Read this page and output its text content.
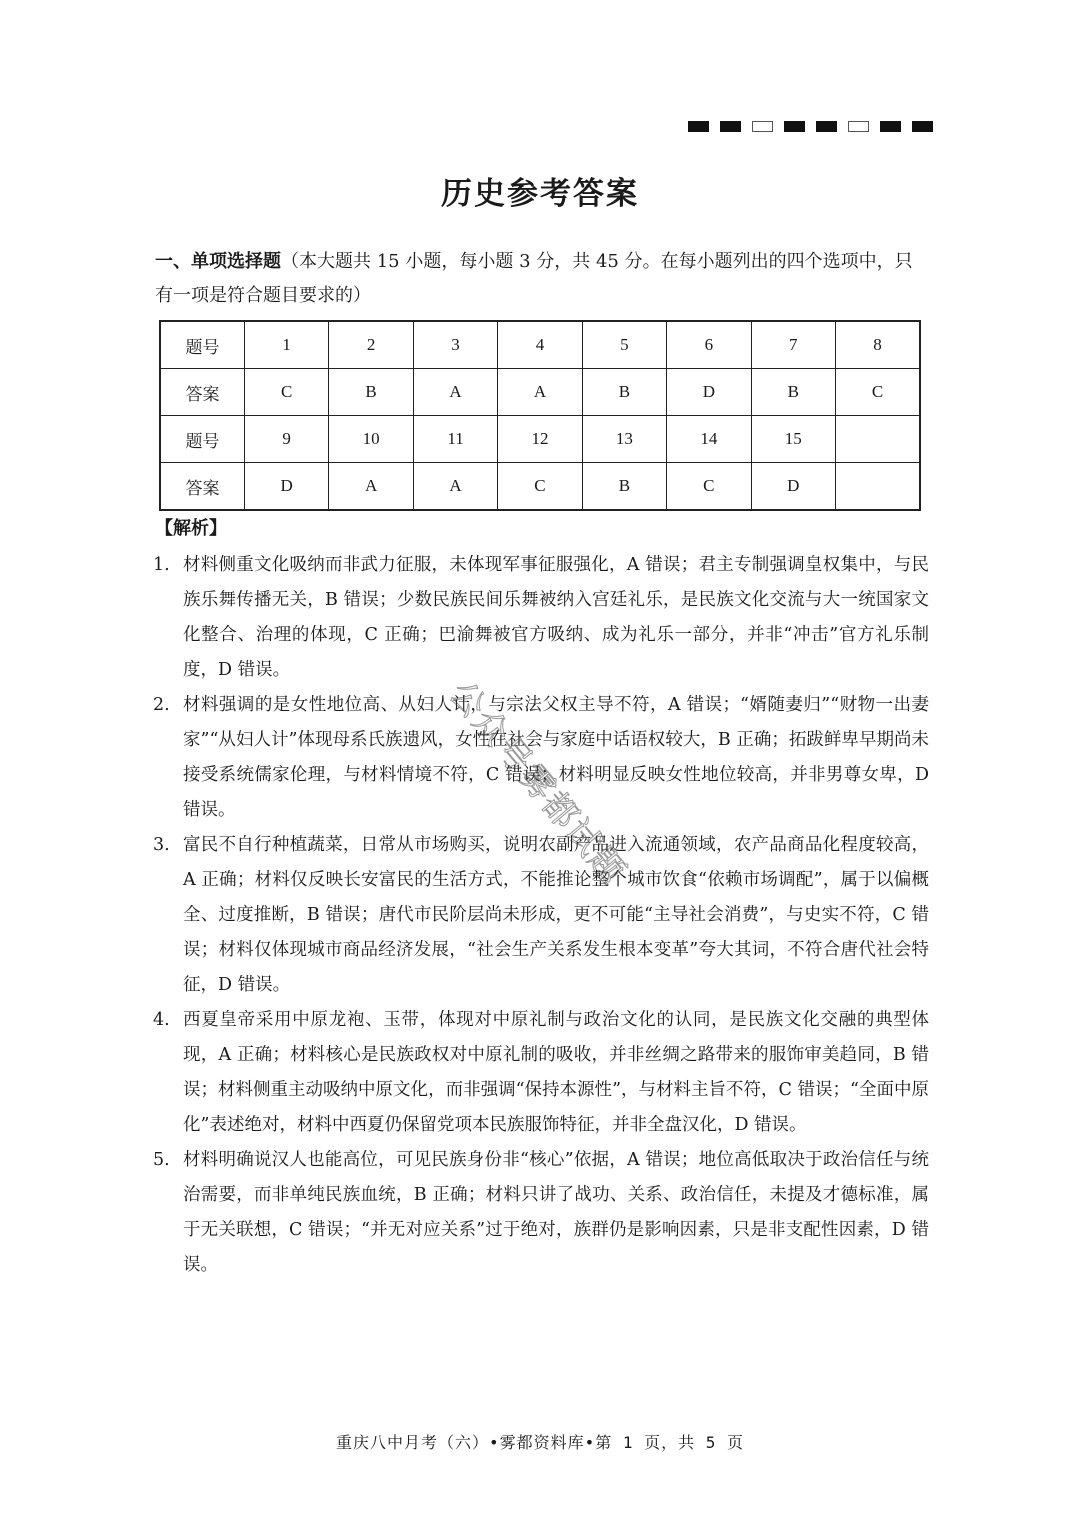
历史参考答案
一、单项选择题（本大题共 15 小题，每小题 3 分，共 45 分。在每小题列出的四个选项中，只有一项是符合题目要求的）
题号	1	2	3	4	5	6	7	8
答案	C	B	A	A	B	D	B	C
题号	9	10	11	12	13	14	15	
答案	D	A	A	C	B	C	D	
【解析】
1. 材料侧重文化吸纳而非武力征服，未体现军事征服强化，A 错误；君主专制强调皇权集中，与民族乐舞传播无关，B 错误；少数民族民间乐舞被纳入宫廷礼乐，是民族文化交流与大一统国家文化整合、治理的体现，C 正确；巴渝舞被官方吸纳、成为礼乐一部分，并非“冲击”官方礼乐制度，D 错误。
2. 材料强调的是女性地位高、从妇人计，与宗法父权主导不符，A 错误；“婿随妻归”“财物一出妻家”“从妇人计”体现母系氏族遗风，女性在社会与家庭中话语权较大，B 正确；拓跋鲜卑早期尚未接受系统儒家伦理，与材料情境不符，C 错误；材料明显反映女性地位较高，并非男尊女卑，D 错误。
3. 富民不自行种植蔬菜，日常从市场购买，说明农副产品进入流通领域，农产品商品化程度较高，A 正确；材料仅反映长安富民的生活方式，不能推论整个城市饮食“依赖市场调配”，属于以偏概全、过度推断，B 错误；唐代市民阶层尚未形成，更不可能“主导社会消费”，与史实不符，C 错误；材料仅体现城市商品经济发展，“社会生产关系发生根本变革”夸大其词，不符合唐代社会特征，D 错误。
4. 西夏皇帝采用中原龙袍、玉带，体现对中原礼制与政治文化的认同，是民族文化交融的典型体现，A 正确；材料核心是民族政权对中原礼制的吸收，并非丝绸之路带来的服饰审美趋同，B 错误；材料侧重主动吸纳中原文化，而非强调“保持本源性”，与材料主旨不符，C 错误；“全面中原化”表述绝对，材料中西夏仍保留党项本民族服饰特征，并非全盘汉化，D 错误。
5. 材料明确说汉人也能高位，可见民族身份非“核心”依据，A 错误；地位高低取决于政治信任与统治需要，而非单纯民族血统，B 正确；材料只讲了战功、关系、政治信任，未提及才德标准，属于无关联想，C 错误；“并无对应关系”过于绝对，族群仍是影响因素，只是非支配性因素，D 错误。
公众号雾都试题
重庆八中月考（六）•雾都资料库•第 1 页，共 5 页
